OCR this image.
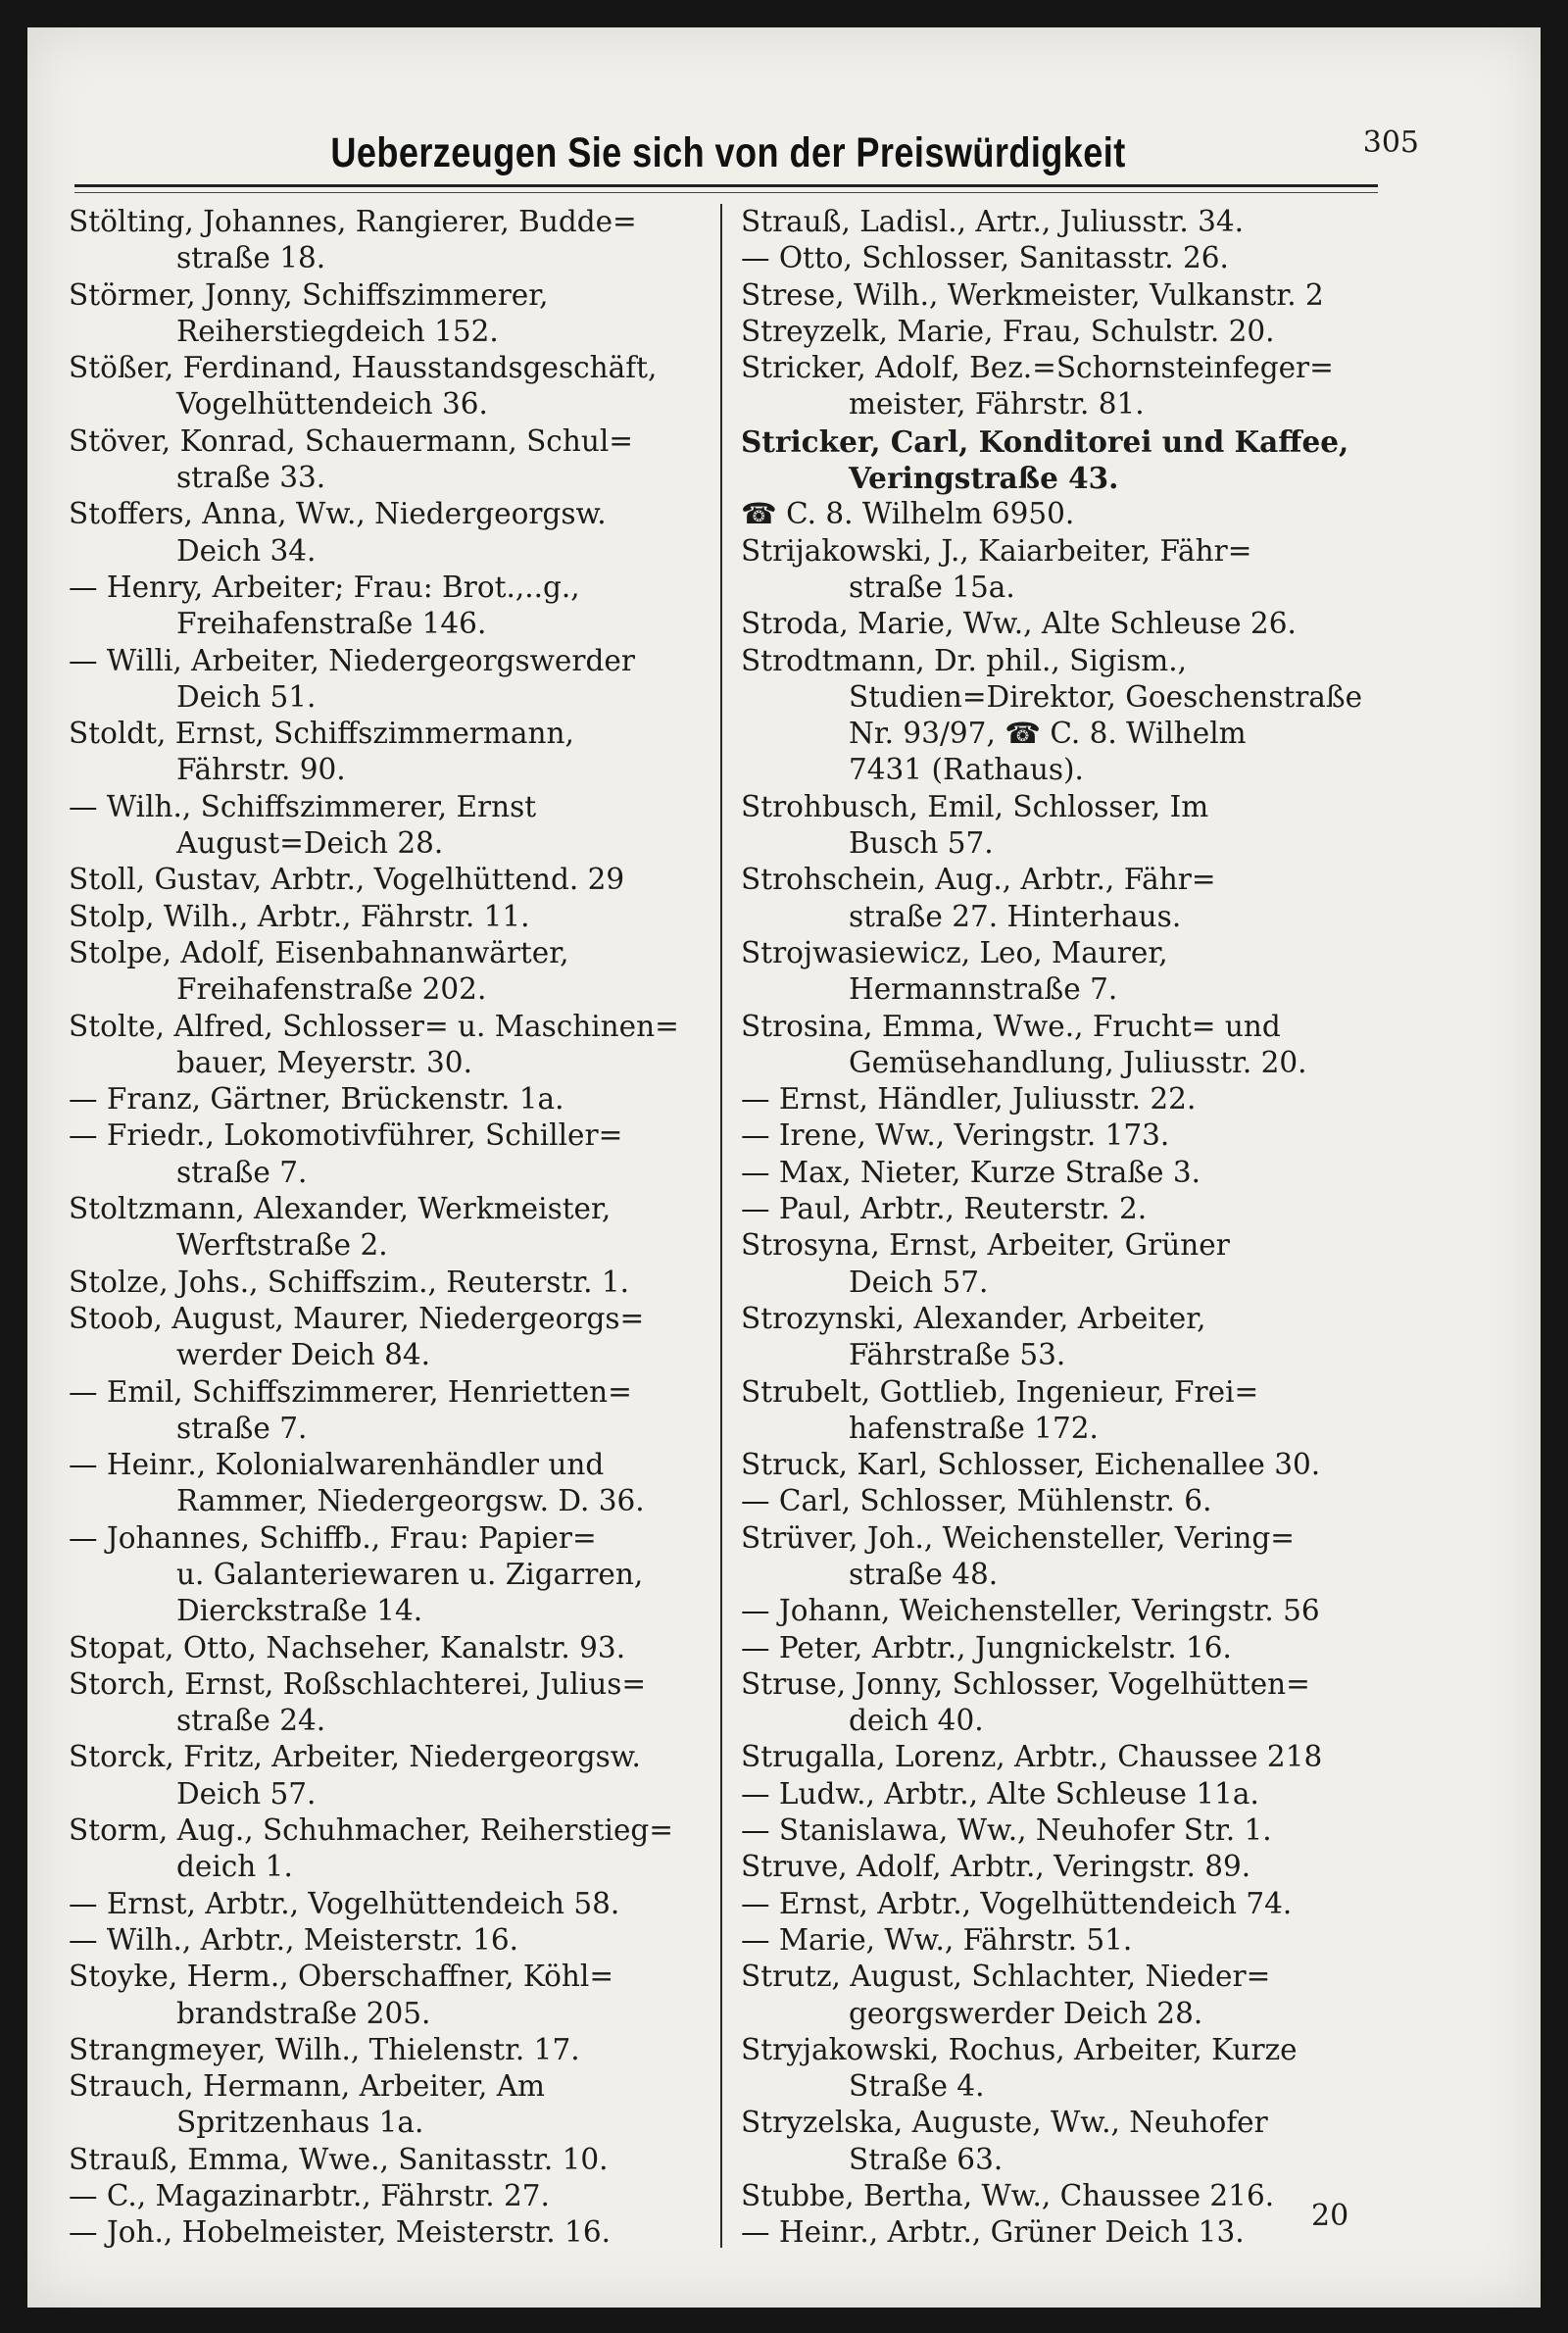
Ueberzeugen Sie sich von der Preiswürdigkeit	305
Stölting, Johannes, Rangierer, Budde=
straße 18.
Störmer, Jonny, Schiffszimmerer,
Reiherstiegdeich 152.
Stößer, Ferdinand, Hausstandsgeschäft,
Vogelhüttendeich 36.
Stöver, Konrad, Schauermann, Schul=
straße 33.
Stoffers, Anna, Ww., Niedergeorgsw.
Deich 34.
— Henry, Arbeiter; Frau: Brot.,..g.,
Freihafenstraße 146.
— Willi, Arbeiter, Niedergeorgswerder
Deich 51.
Stoldt, Ernst, Schiffszimmermann,
Fährstr. 90.
— Wilh., Schiffszimmerer, Ernst
August=Deich 28.
Stoll, Gustav, Arbtr., Vogelhüttend. 29
Stolp, Wilh., Arbtr., Fährstr. 11.
Stolpe, Adolf, Eisenbahnanwärter,
Freihafenstraße 202.
Stolte, Alfred, Schlosser= u. Maschinen=
bauer, Meyerstr. 30.
— Franz, Gärtner, Brückenstr. 1a.
— Friedr., Lokomotivführer, Schiller=
straße 7.
Stoltzmann, Alexander, Werkmeister,
Werftstraße 2.
Stolze, Johs., Schiffszim., Reuterstr. 1.
Stoob, August, Maurer, Niedergeorgs=
werder Deich 84.
— Emil, Schiffszimmerer, Henrietten=
straße 7.
— Heinr., Kolonialwarenhändler und
Rammer, Niedergeorgsw. D. 36.
— Johannes, Schiffb., Frau: Papier=
u. Galanteriewaren u. Zigarren,
Dierckstraße 14.
Stopat, Otto, Nachseher, Kanalstr. 93.
Storch, Ernst, Roßschlachterei, Julius=
straße 24.
Storck, Fritz, Arbeiter, Niedergeorgsw.
Deich 57.
Storm, Aug., Schuhmacher, Reiherstieg=
deich 1.
— Ernst, Arbtr., Vogelhüttendeich 58.
— Wilh., Arbtr., Meisterstr. 16.
Stoyke, Herm., Oberschaffner, Köhl=
brandstraße 205.
Strangmeyer, Wilh., Thielenstr. 17.
Strauch, Hermann, Arbeiter, Am
Spritzenhaus 1a.
Strauß, Emma, Wwe., Sanitasstr. 10.
— C., Magazinarbtr., Fährstr. 27.
— Joh., Hobelmeister, Meisterstr. 16.
Strauß, Ladisl., Artr., Juliusstr. 34.
— Otto, Schlosser, Sanitasstr. 26.
Strese, Wilh., Werkmeister, Vulkanstr. 2
Streyzelk, Marie, Frau, Schulstr. 20.
Stricker, Adolf, Bez.=Schornsteinfeger=
meister, Fährstr. 81.
Stricker, Carl, Konditorei und Kaffee,
Veringstraße 43.
☎ C. 8. Wilhelm 6950.
Strijakowski, J., Kaiarbeiter, Fähr=
straße 15a.
Stroda, Marie, Ww., Alte Schleuse 26.
Strodtmann, Dr. phil., Sigism.,
Studien=Direktor, Goeschenstraße
Nr. 93/97, ☎ C. 8. Wilhelm
7431 (Rathaus).
Strohbusch, Emil, Schlosser, Im
Busch 57.
Strohschein, Aug., Arbtr., Fähr=
straße 27. Hinterhaus.
Strojwasiewicz, Leo, Maurer,
Hermannstraße 7.
Strosina, Emma, Wwe., Frucht= und
Gemüsehandlung, Juliusstr. 20.
— Ernst, Händler, Juliusstr. 22.
— Irene, Ww., Veringstr. 173.
— Max, Nieter, Kurze Straße 3.
— Paul, Arbtr., Reuterstr. 2.
Strosyna, Ernst, Arbeiter, Grüner
Deich 57.
Strozynski, Alexander, Arbeiter,
Fährstraße 53.
Strubelt, Gottlieb, Ingenieur, Frei=
hafenstraße 172.
Struck, Karl, Schlosser, Eichenallee 30.
— Carl, Schlosser, Mühlenstr. 6.
Strüver, Joh., Weichensteller, Vering=
straße 48.
— Johann, Weichensteller, Veringstr. 56
— Peter, Arbtr., Jungnickelstr. 16.
Struse, Jonny, Schlosser, Vogelhütten=
deich 40.
Strugalla, Lorenz, Arbtr., Chaussee 218
— Ludw., Arbtr., Alte Schleuse 11a.
— Stanislawa, Ww., Neuhofer Str. 1.
Struve, Adolf, Arbtr., Veringstr. 89.
— Ernst, Arbtr., Vogelhüttendeich 74.
— Marie, Ww., Fährstr. 51.
Strutz, August, Schlachter, Nieder=
georgswerder Deich 28.
Stryjakowski, Rochus, Arbeiter, Kurze
Straße 4.
Stryzelska, Auguste, Ww., Neuhofer
Straße 63.
Stubbe, Bertha, Ww., Chaussee 216.
— Heinr., Arbtr., Grüner Deich 13.	20
